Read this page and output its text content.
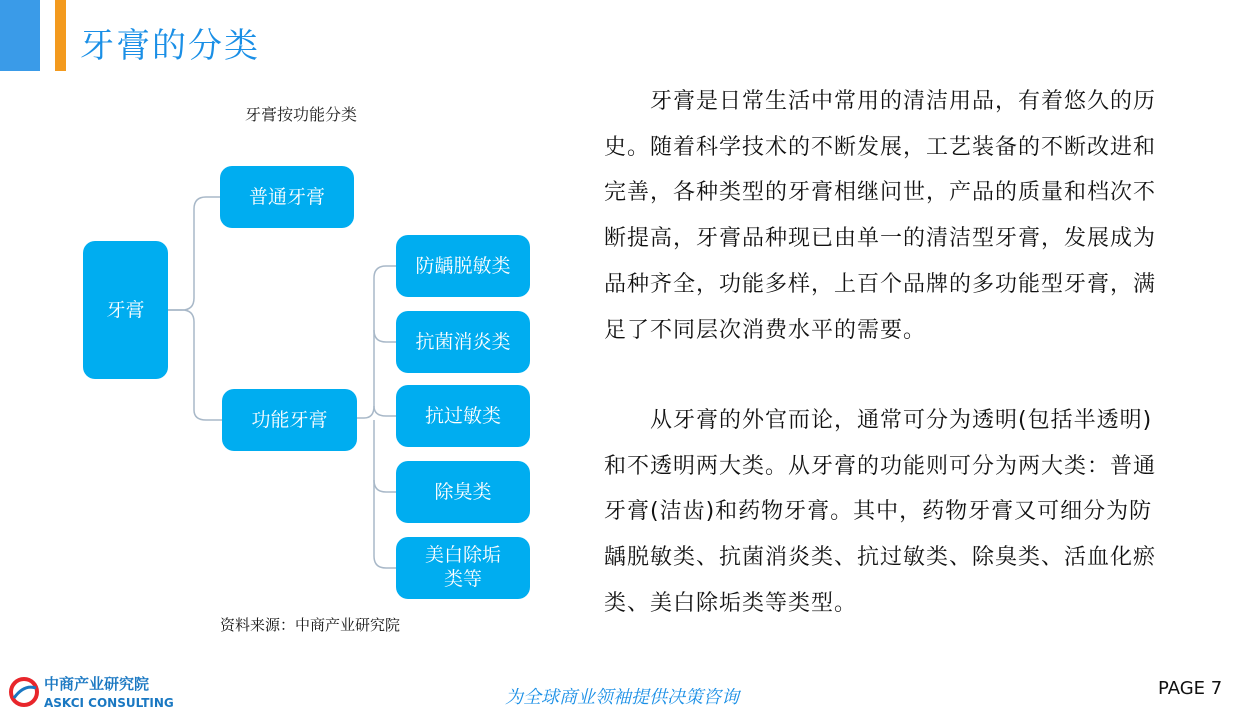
牙膏的分类
牙膏按功能分类
牙膏
普通牙膏
功能牙膏
防龋脱敏类
抗菌消炎类
抗过敏类
除臭类
美白除垢
类等
资料来源：中商产业研究院

牙膏是日常生活中常用的清洁用品，有着悠久的历史。随着科学技术的不断发展，工艺装备的不断改进和完善，各种类型的牙膏相继问世，产品的质量和档次不断提高，牙膏品种现已由单一的清洁型牙膏，发展成为品种齐全，功能多样，上百个品牌的多功能型牙膏，满足了不同层次消费水平的需要。

从牙膏的外官而论，通常可分为透明(包括半透明)和不透明两大类。从牙膏的功能则可分为两大类：普通牙膏(洁齿)和药物牙膏。其中，药物牙膏又可细分为防龋脱敏类、抗菌消炎类、抗过敏类、除臭类、活血化瘀类、美白除垢类等类型。

中商产业研究院
ASKCI CONSULTING	为全球商业领袖提供决策咨询	PAGE 7
